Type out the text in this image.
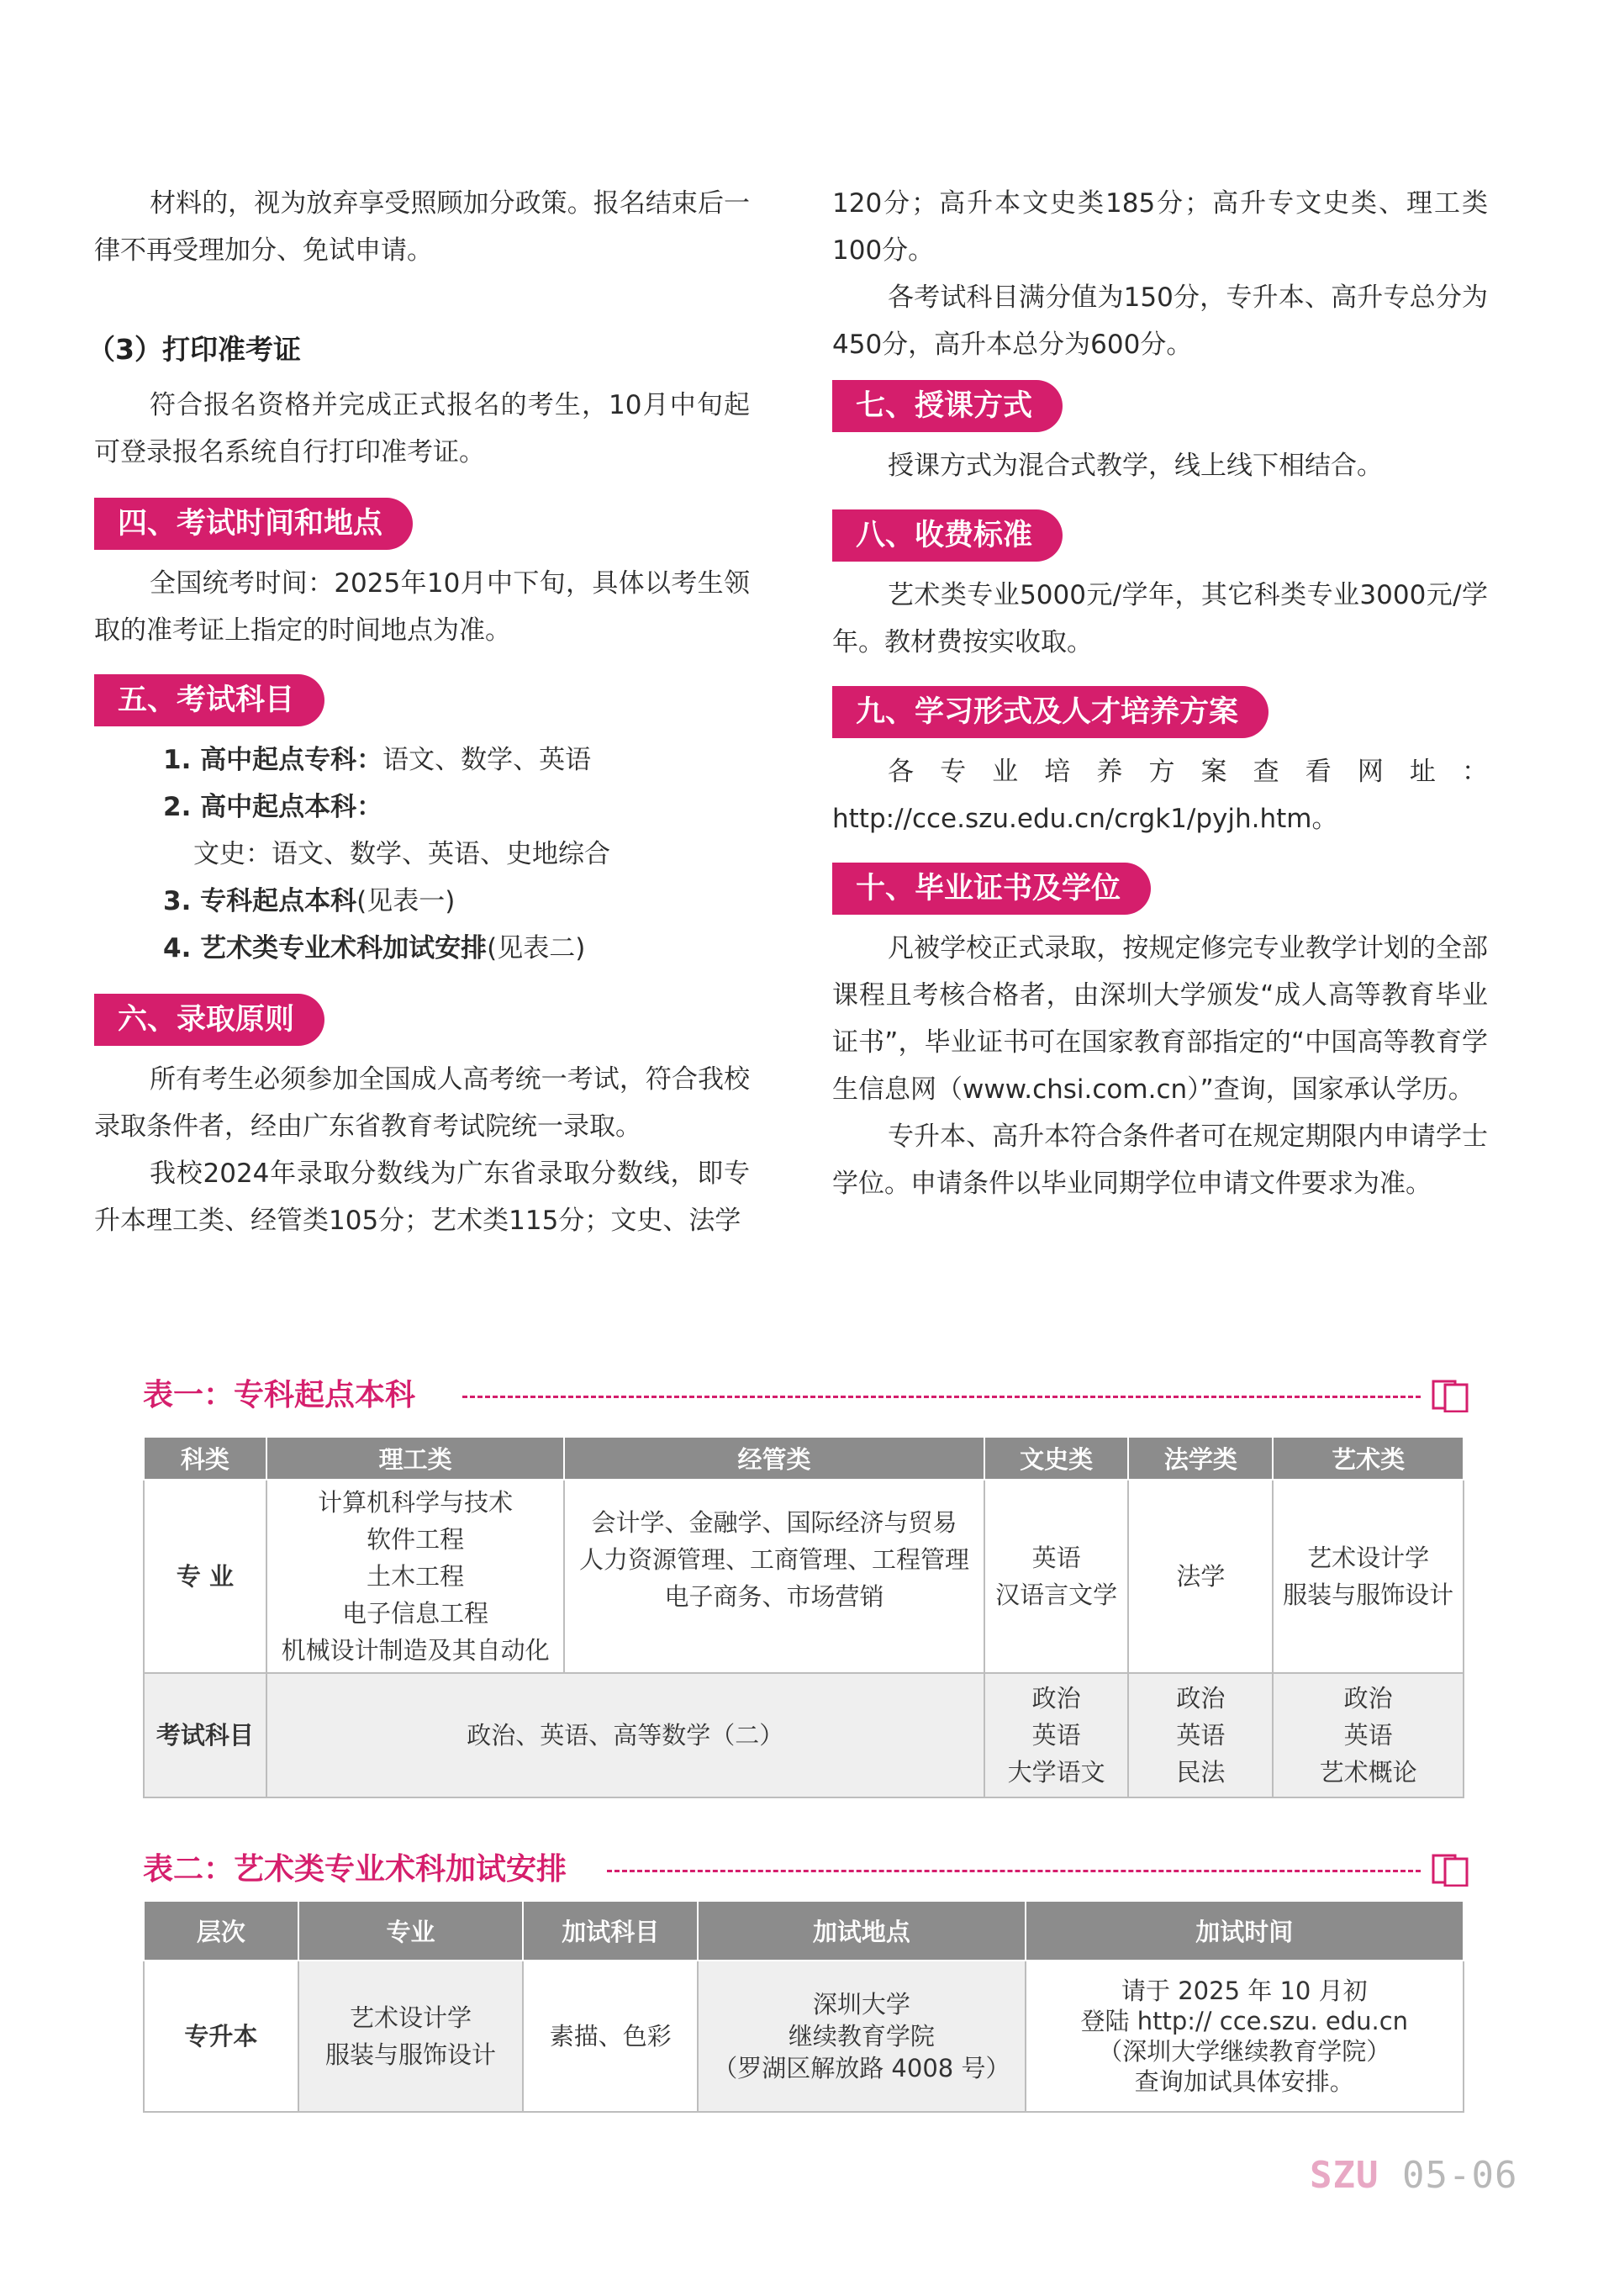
材料的，视为放弃享受照顾加分政策。报名结束后一律不再受理加分、免试申请。

（3）打印准考证

符合报名资格并完成正式报名的考生，10月中旬起可登录报名系统自行打印准考证。

四、考试时间和地点

全国统考时间：2025年10月中下旬，具体以考生领取的准考证上指定的时间地点为准。

五、考试科目
1. 高中起点专科：语文、数学、英语
2. 高中起点本科：
文史：语文、数学、英语、史地综合
3. 专科起点本科(见表一)
4. 艺术类专业术科加试安排(见表二)
六、录取原则

所有考生必须参加全国成人高考统一考试，符合我校录取条件者，经由广东省教育考试院统一录取。

我校2024年录取分数线为广东省录取分数线，即专升本理工类、经管类105分；艺术类115分；文史、法学

120分；高升本文史类185分；高升专文史类、理工类100分。

各考试科目满分值为150分，专升本、高升专总分为450分，高升本总分为600分。

七、授课方式

授课方式为混合式教学，线上线下相结合。

八、收费标准

艺术类专业5000元/学年，其它科类专业3000元/学年。教材费按实收取。

九、学习形式及人才培养方案

各专业培养方案查看网址： http://cce.szu.edu.cn/crgk1/pyjh.htm。

十、毕业证书及学位

凡被学校正式录取，按规定修完专业教学计划的全部课程且考核合格者，由深圳大学颁发“成人高等教育毕业证书”，毕业证书可在国家教育部指定的“中国高等教育学生信息网（www.chsi.com.cn）”查询，国家承认学历。

专升本、高升本符合条件者可在规定期限内申请学士学位。申请条件以毕业同期学位申请文件要求为准。

表一：专科起点本科
科类	理工类	经管类	文史类	法学类	艺术类
专 业	计算机科学与技术
软件工程
土木工程
电子信息工程
机械设计制造及其自动化	会计学、金融学、国际经济与贸易
人力资源管理、工商管理、工程管理
电子商务、市场营销	英语
汉语言文学	法学	艺术设计学
服装与服饰设计

考试科目	政治、英语、高等数学（二）		政治
英语
大学语文	政治
英语
民法	政治
英语
艺术概论
表二：艺术类专业术科加试安排
层次	专业	加试科目	加试地点	加试时间
专升本	艺术设计学
服装与服饰设计	素描、色彩	深圳大学
继续教育学院
（罗湖区解放路 4008 号）	请于 2025 年 10 月初
登陆 http:// cce.szu. edu.cn
（深圳大学继续教育学院）
查询加试具体安排。
SZU 05-06
